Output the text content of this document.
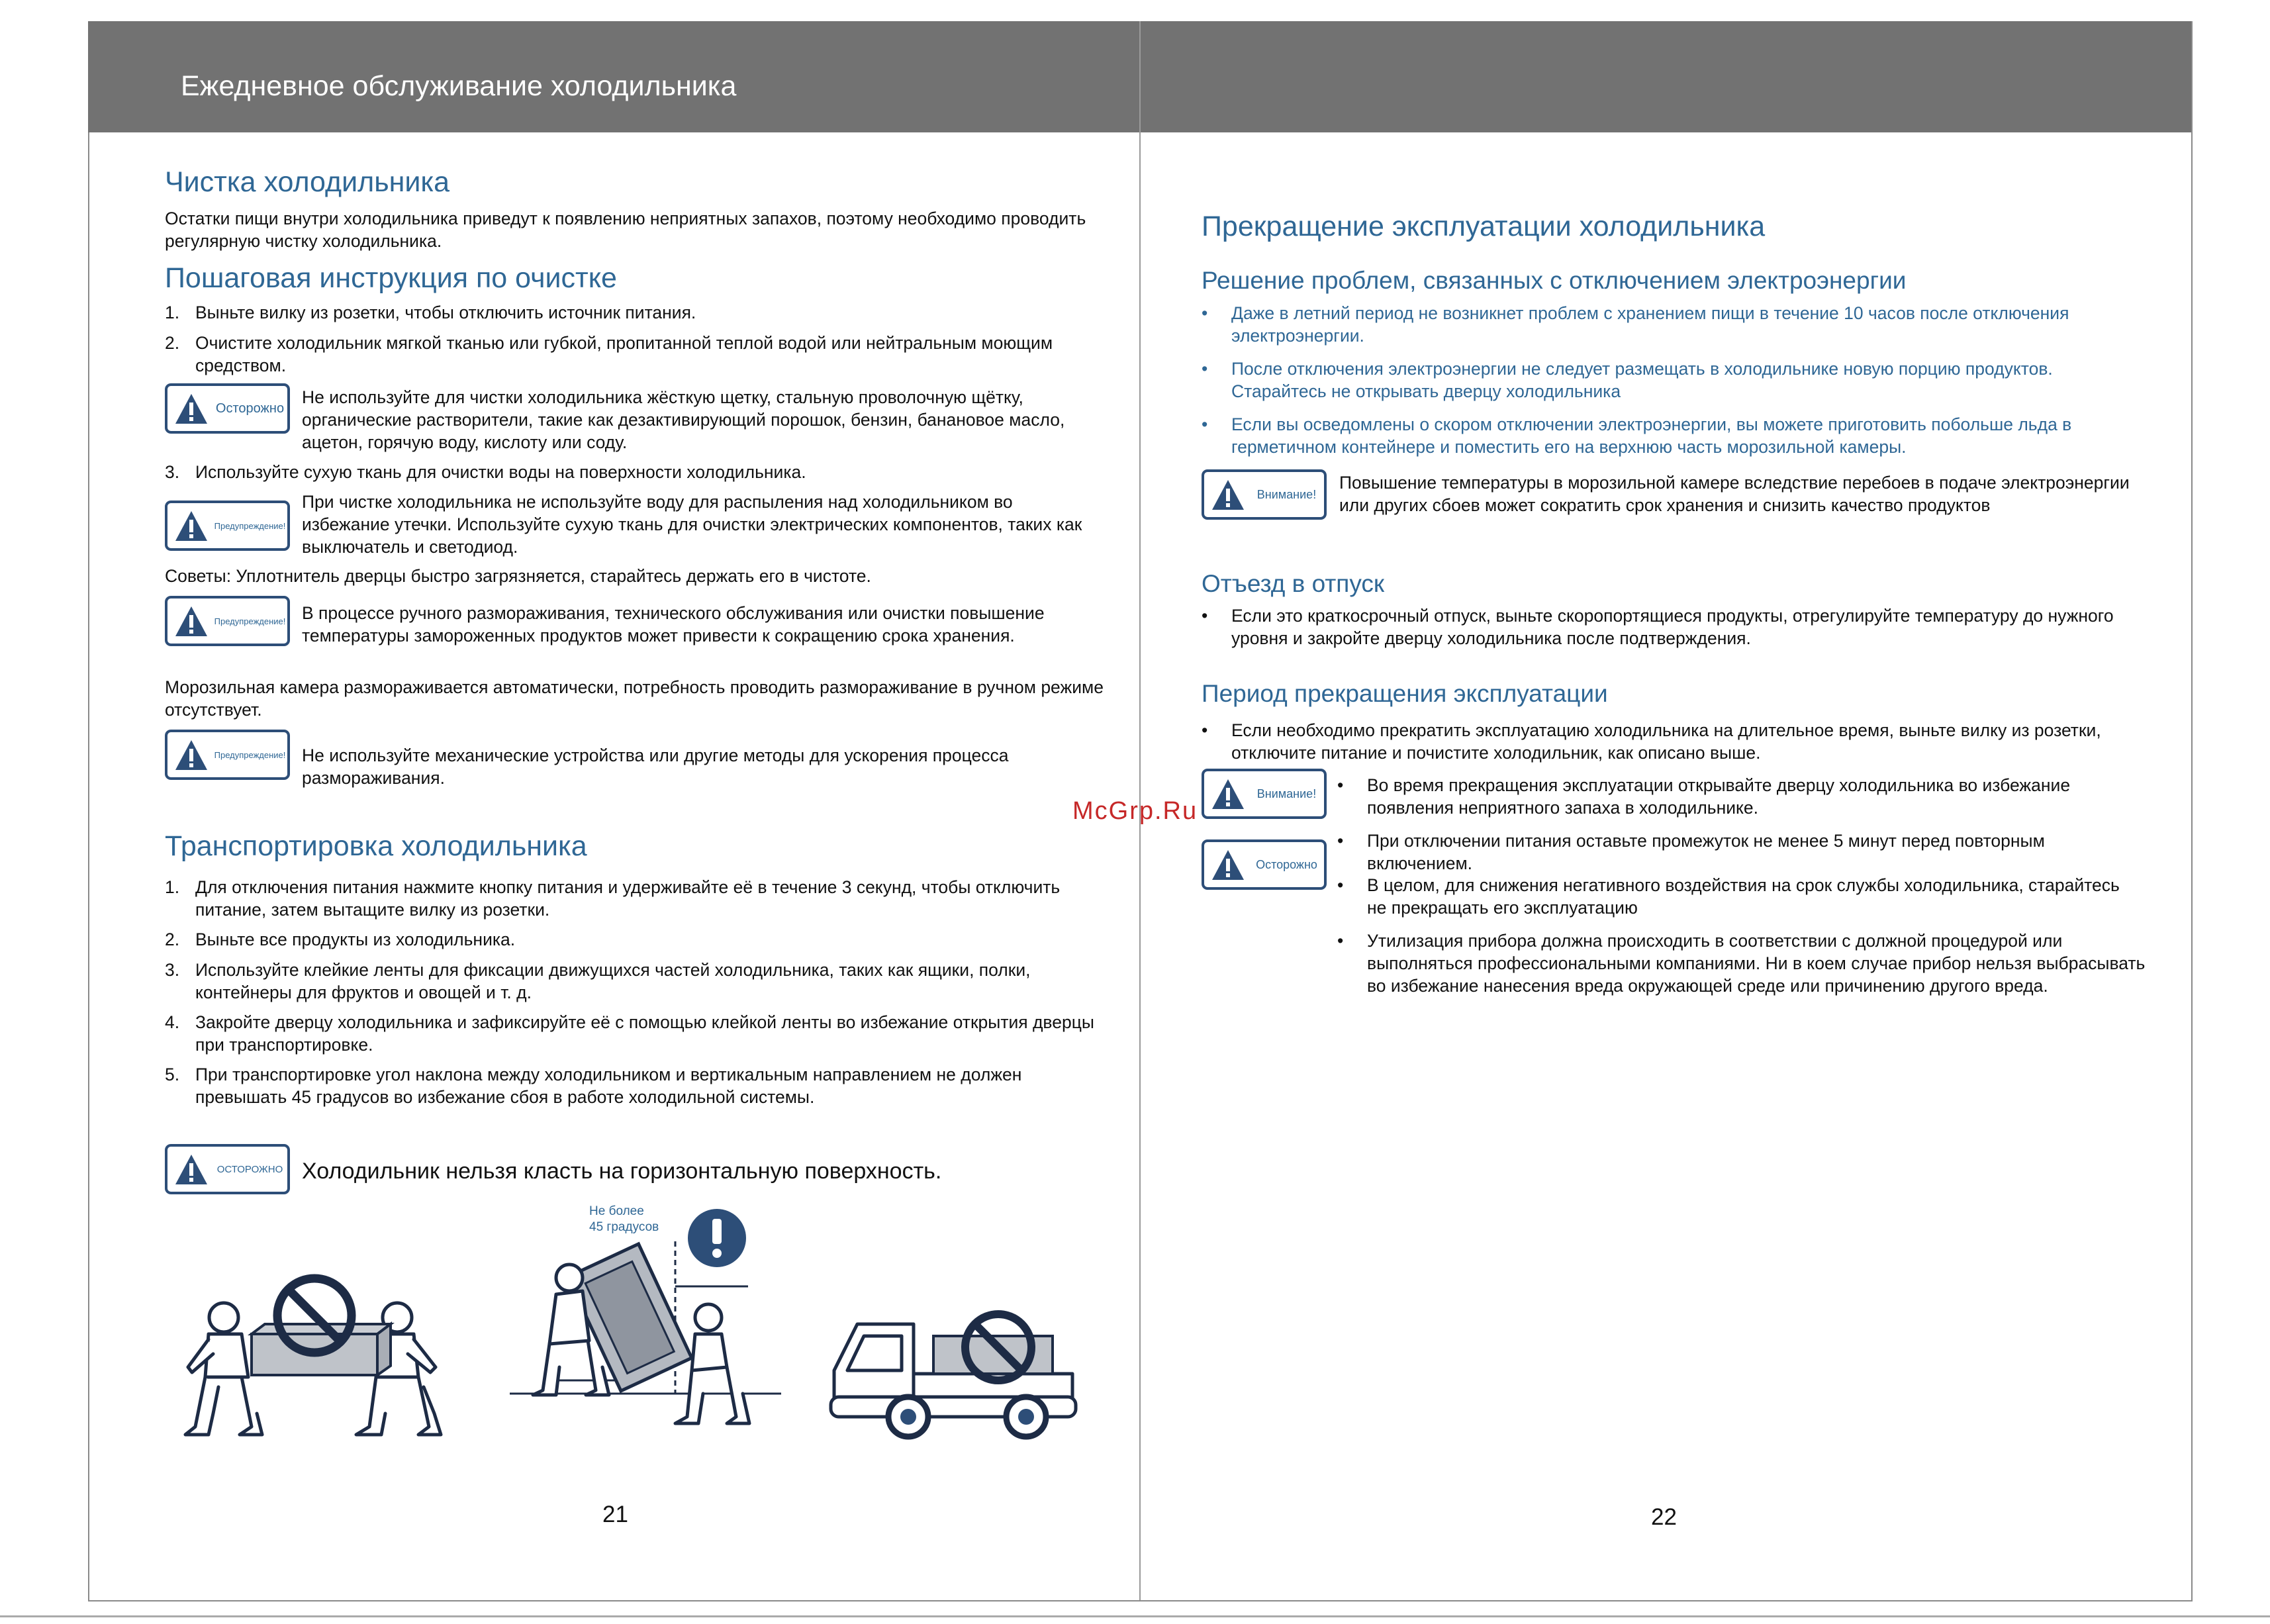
Ежедневное обслуживание холодильника
Чистка холодильника
Остатки пищи внутри холодильника приведут к появлению неприятных запахов, поэтому необходимо проводить регулярную чистку холодильника.
Пошаговая инструкция по очистке
1. Выньте вилку из розетки, чтобы отключить источник питания.
2. Очистите холодильник мягкой тканью или губкой, пропитанной теплой водой или нейтральным моющим средством.
Осторожно
Не используйте для чистки холодильника жёсткую щетку, стальную проволочную щётку, органические растворители, такие как дезактивирующий порошок, бензин, банановое масло, ацетон, горячую воду, кислоту или соду.
3. Используйте сухую ткань для очистки воды на поверхности холодильника.
Предупреждение!
При чистке холодильника не используйте воду для распыления над холодильником во избежание утечки. Используйте сухую ткань для очистки электрических компонентов, таких как выключатель и светодиод.
Советы: Уплотнитель дверцы быстро загрязняется, старайтесь держать его в чистоте.
Предупреждение! В процессе ручного размораживания, технического обслуживания или очистки повышение температуры замороженных продуктов может привести к сокращению срока хранения.
Морозильная камера размораживается автоматически, потребность проводить размораживание в ручном режиме отсутствует.
Предупреждение! Не используйте механические устройства или другие методы для ускорения процесса размораживания.
Транспортировка холодильника
1. Для отключения питания нажмите кнопку питания и удерживайте её в течение 3 секунд, чтобы отключить питание, затем вытащите вилку из розетки.
2. Выньте все продукты из холодильника.
3. Используйте клейкие ленты для фиксации движущихся частей холодильника, таких как ящики, полки, контейнеры для фруктов и овощей и т. д.
4. Закройте дверцу холодильника и зафиксируйте её с помощью клейкой ленты во избежание открытия дверцы при транспортировке.
5. При транспортировке угол наклона между холодильником и вертикальным направлением не должен превышать 45 градусов во избежание сбоя в работе холодильной системы.
ОСТОРОЖНО Холодильник нельзя класть на горизонтальную поверхность.
Не более
45 градусов
21
McGrp.Ru
Прекращение эксплуатации холодильника
Решение проблем, связанных с отключением электроэнергии
• Даже в летний период не возникнет проблем с хранением пищи в течение 10 часов после отключения электроэнергии.
• После отключения электроэнергии не следует размещать в холодильнике новую порцию продуктов. Старайтесь не открывать дверцу холодильника
• Если вы осведомлены о скором отключении электроэнергии, вы можете приготовить побольше льда в герметичном контейнере и поместить его на верхнюю часть морозильной камеры.
Внимание!
Повышение температуры в морозильной камере вследствие перебоев в подаче электроэнергии или других сбоев может сократить срок хранения и снизить качество продуктов
Отъезд в отпуск
• Если это краткосрочный отпуск, выньте скоропортящиеся продукты, отрегулируйте температуру до нужного уровня и закройте дверцу холодильника после подтверждения.
Период прекращения эксплуатации
• Если необходимо прекратить эксплуатацию холодильника на длительное время, выньте вилку из розетки, отключите питание и почистите холодильник, как описано выше.
Внимание!
Осторожно
• Во время прекращения эксплуатации открывайте дверцу холодильника во избежание появления неприятного запаха в холодильнике.
• При отключении питания оставьте промежуток не менее 5 минут перед повторным включением.
• В целом, для снижения негативного воздействия на срок службы холодильника, старайтесь не прекращать его эксплуатацию
• Утилизация прибора должна происходить в соответствии с должной процедурой или выполняться профессиональными компаниями. Ни в коем случае прибор нельзя выбрасывать во избежание нанесения вреда окружающей среде или причинению другого вреда.
22
